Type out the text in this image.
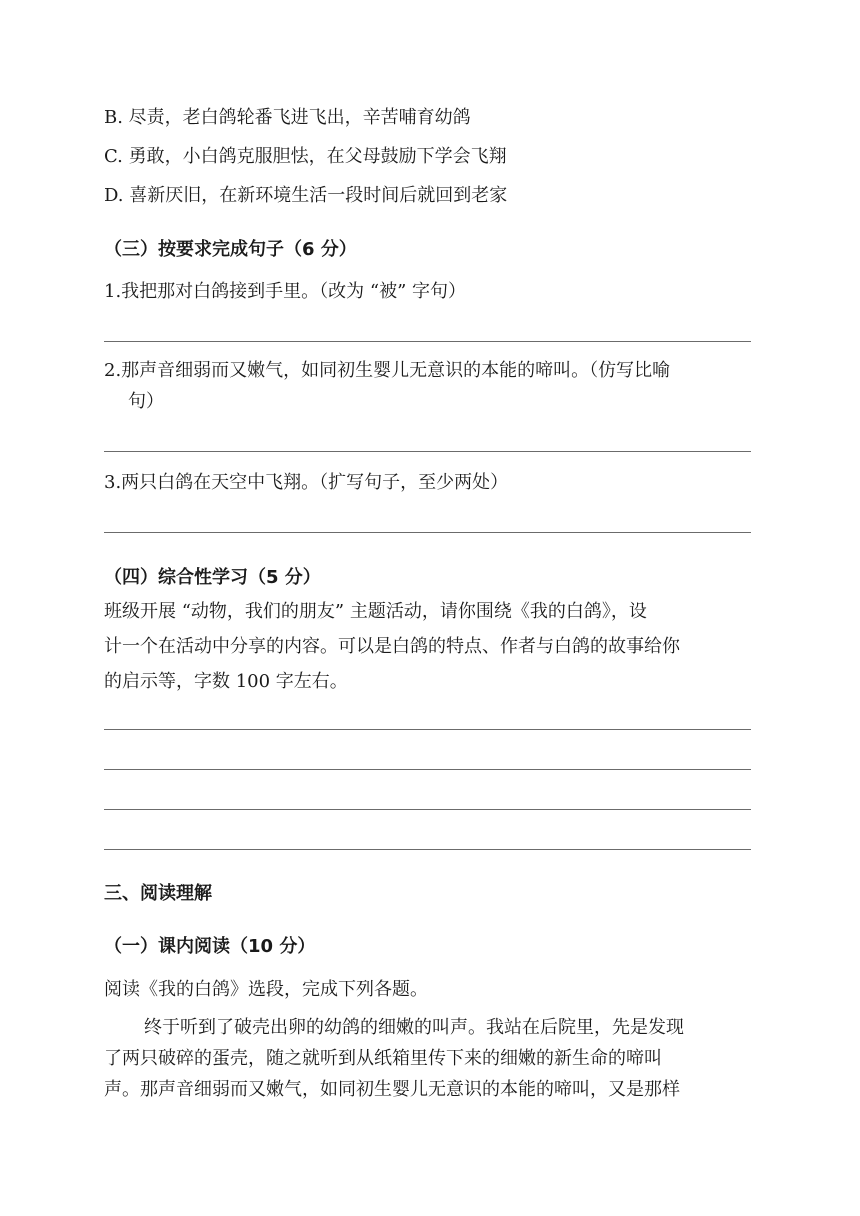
B. 尽责，老白鸽轮番飞进飞出，辛苦哺育幼鸽
C. 勇敢，小白鸽克服胆怯，在父母鼓励下学会飞翔
D. 喜新厌旧，在新环境生活一段时间后就回到老家
（三）按要求完成句子（6 分）
1.我把那对白鸽接到手里。（改为 “被” 字句）
2.那声音细弱而又嫩气，如同初生婴儿无意识的本能的啼叫。（仿写比喻
句）
3.两只白鸽在天空中飞翔。（扩写句子，至少两处）
（四）综合性学习（5 分）
班级开展 “动物，我们的朋友” 主题活动，请你围绕《我的白鸽》，设
计一个在活动中分享的内容。可以是白鸽的特点、作者与白鸽的故事给你
的启示等，字数 100 字左右。
三、阅读理解
（一）课内阅读（10 分）
阅读《我的白鸽》选段，完成下列各题。
终于听到了破壳出卵的幼鸽的细嫩的叫声。我站在后院里，先是发现
了两只破碎的蛋壳，随之就听到从纸箱里传下来的细嫩的新生命的啼叫
声。那声音细弱而又嫩气，如同初生婴儿无意识的本能的啼叫，又是那样
